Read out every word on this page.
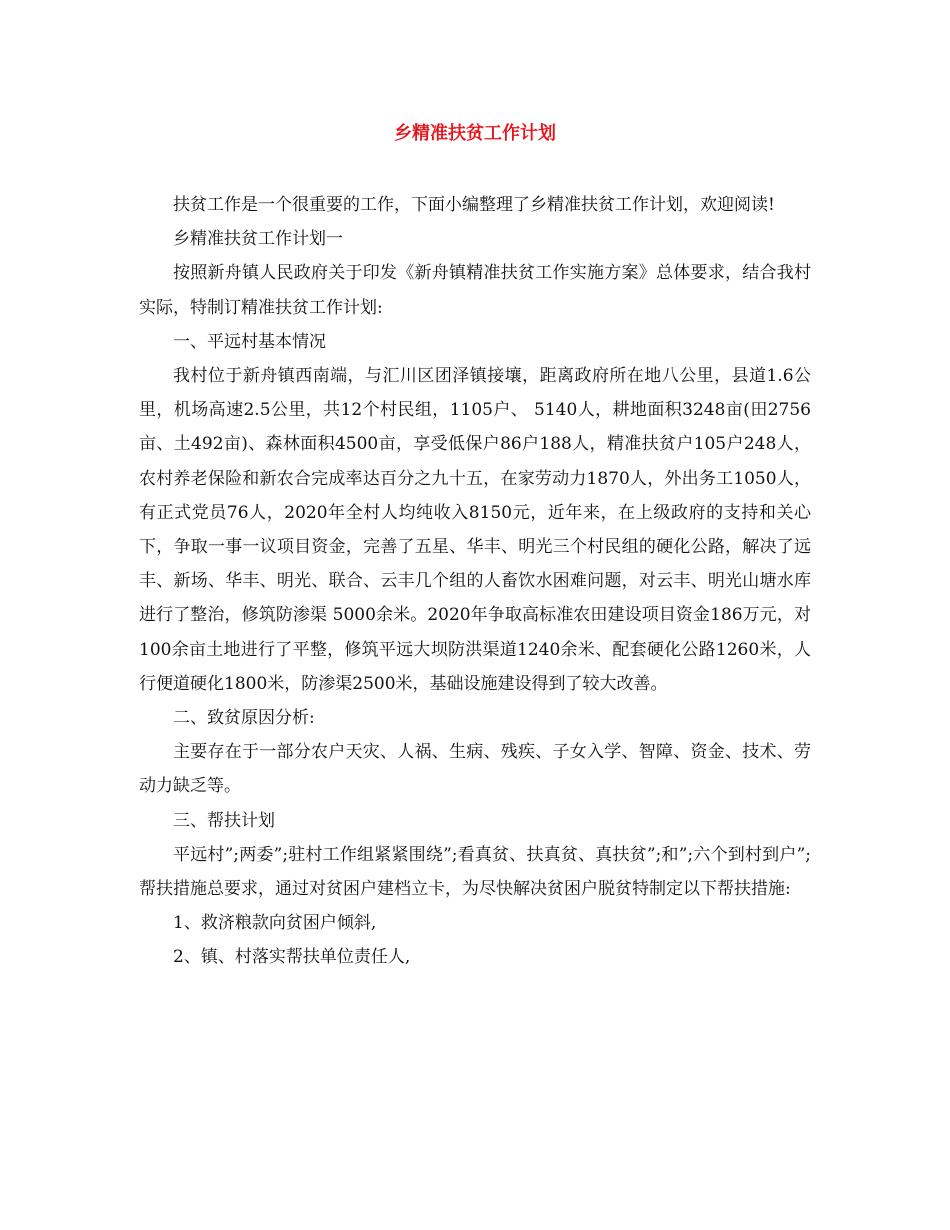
乡精准扶贫工作计划

扶贫工作是一个很重要的工作，下面小编整理了乡精准扶贫工作计划，欢迎阅读!

乡精准扶贫工作计划一

按照新舟镇人民政府关于印发《新舟镇精准扶贫工作实施方案》总体要求，结合我村实际，特制订精准扶贫工作计划:

一、平远村基本情况

我村位于新舟镇西南端，与汇川区团泽镇接壤，距离政府所在地八公里，县道1.6公里，机场高速2.5公里，共12个村民组，1105户、 5140人，耕地面积3248亩(田2756亩、土492亩)、森林面积4500亩，享受低保户86户188人，精准扶贫户105户248人，农村养老保险和新农合完成率达百分之九十五，在家劳动力1870人，外出务工1050人，有正式党员76人，2020年全村人均纯收入8150元，近年来，在上级政府的支持和关心下，争取一事一议项目资金，完善了五星、华丰、明光三个村民组的硬化公路，解决了远丰、新场、华丰、明光、联合、云丰几个组的人畜饮水困难问题，对云丰、明光山塘水库进行了整治，修筑防渗渠 5000余米。2020年争取高标准农田建设项目资金186万元，对100余亩土地进行了平整，修筑平远大坝防洪渠道1240余米、配套硬化公路1260米，人行便道硬化1800米，防渗渠2500米，基础设施建设得到了较大改善。

二、致贫原因分析:

主要存在于一部分农户天灾、人祸、生病、残疾、子女入学、智障、资金、技术、劳动力缺乏等。

三、帮扶计划

平远村”;两委”;驻村工作组紧紧围绕”;看真贫、扶真贫、真扶贫”;和”;六个到村到户”;帮扶措施总要求，通过对贫困户建档立卡，为尽快解决贫困户脱贫特制定以下帮扶措施:

1、救济粮款向贫困户倾斜,

2、镇、村落实帮扶单位责任人,
